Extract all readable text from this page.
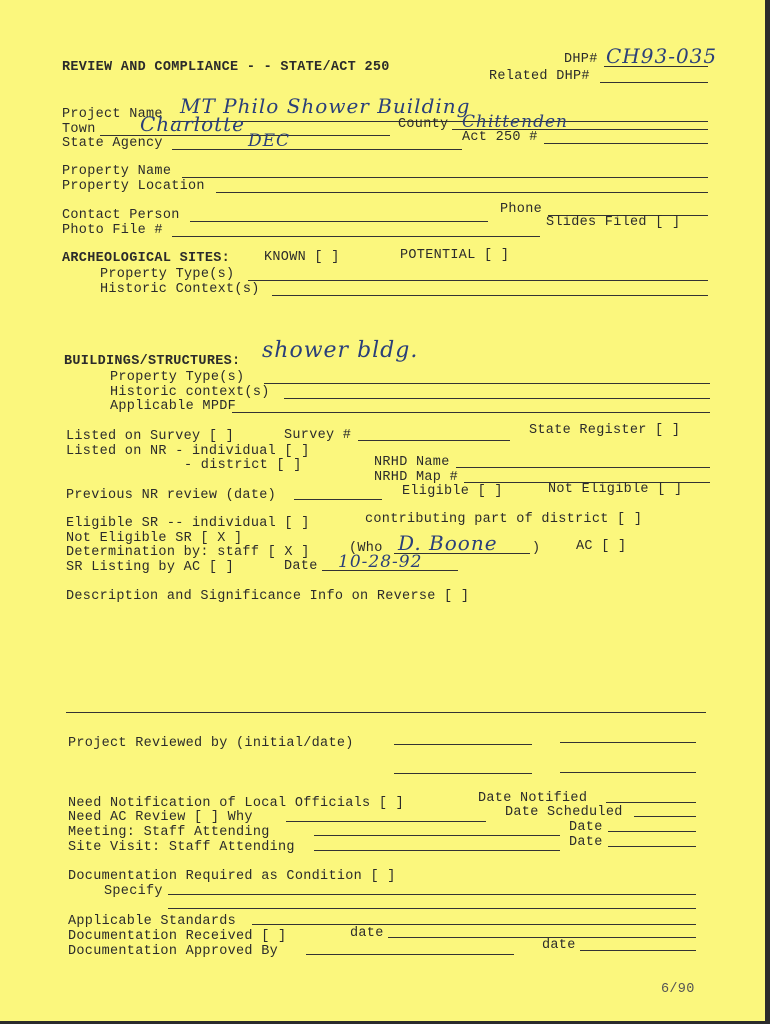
REVIEW AND COMPLIANCE - - STATE/ACT 250
DHP# CH93-035
Related DHP#
Project Name MT Philo Shower Building
Town Charlotte	County Chittenden
State Agency	DEC	Act 250 #
Property Name
Property Location
Contact Person	Phone
Photo File #
Slides Filed [ ]
ARCHEOLOGICAL SITES:	KNOWN [ ]	POTENTIAL [ ]
Property Type(s)
Historic Context(s)
BUILDINGS/STRUCTURES: shower bldg.
Property Type(s)
Historic context(s)
Applicable MPDF
Listed on Survey [ ]	Survey #	State Register [ ]
Listed on NR - individual [ ]
- district [ ]	NRHD Name
NRHD Map #
Eligible [ ]	Not Eligible [ ]
Previous NR review (date)
Eligible SR -- individual [ ]	contributing part of district [ ]
Not Eligible SR [ X ]
Determination by: staff [ X ]	(Who D. Boone	)	AC [ ]
SR Listing by AC [ ]	Date 10-28-92
Description and Significance Info on Reverse [ ]
Project Reviewed by (initial/date)
Need Notification of Local Officials [ ]	Date Notified
Need AC Review [ ] Why	Date Scheduled
Meeting: Staff Attending	Date
Site Visit: Staff Attending	Date
Documentation Required as Condition [ ]
Specify
Applicable Standards
Documentation Received [ ]	date
Documentation Approved By	date
6/90
